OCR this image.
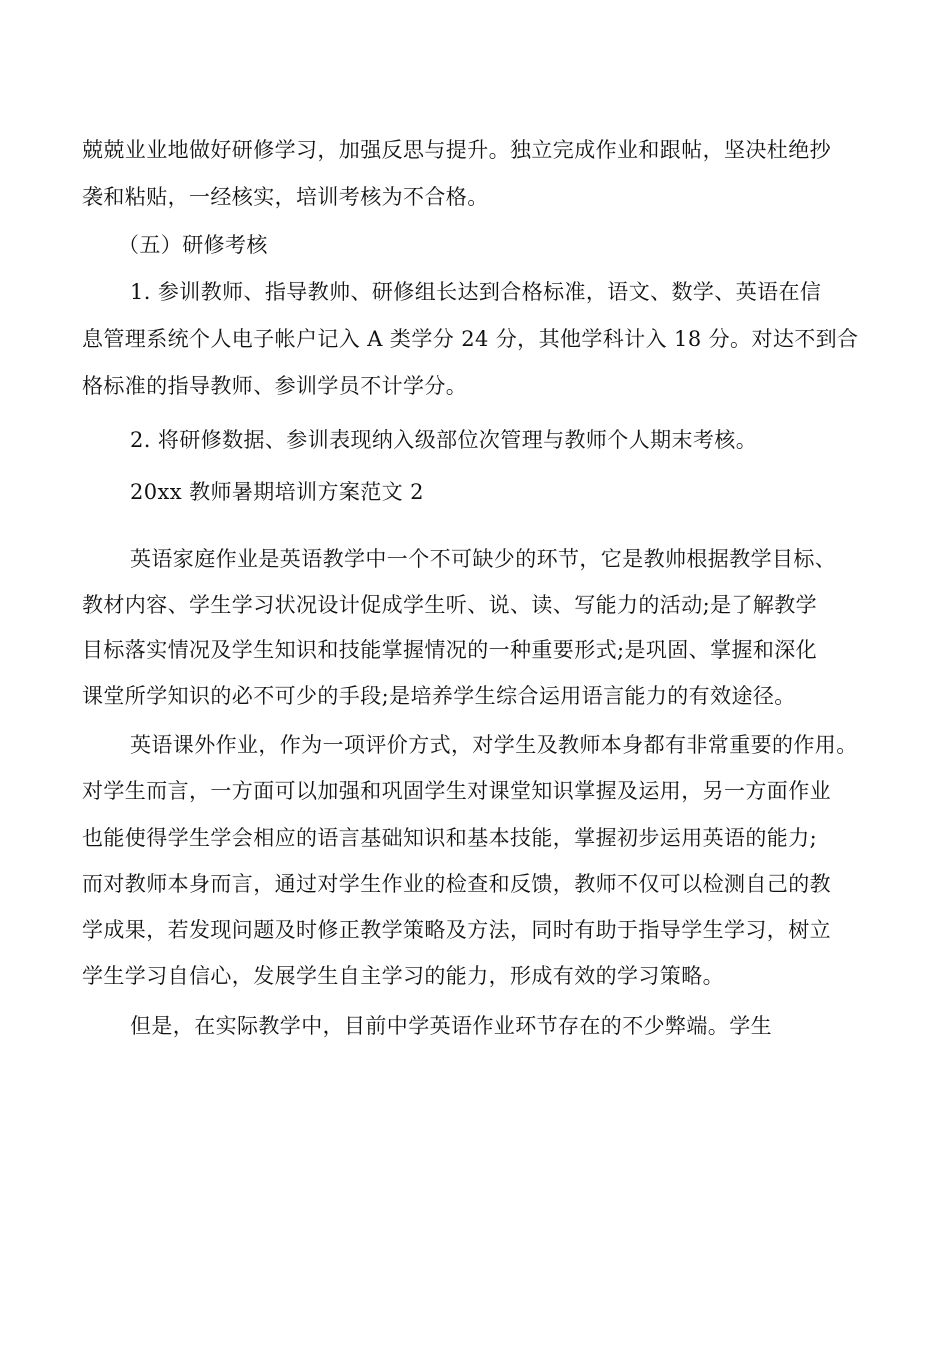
兢兢业业地做好研修学习，加强反思与提升。独立完成作业和跟帖，坚决杜绝抄
袭和粘贴，一经核实，培训考核为不合格。
（五）研修考核
1. 参训教师、指导教帅、研修组长达到合格标准，语文、数学、英语在信
息管理系统个人电子帐户记入 A 类学分 24 分，其他学科计入 18 分。对达不到合
格标准的指导教师、参训学员不计学分。
2. 将研修数据、参训表现纳入级部位次管理与教师个人期末考核。
20xx 教师暑期培训方案范文 2
英语家庭作业是英语教学中一个不可缺少的环节，它是教帅根据教学目标、
教材内容、学生学习状况设计促成学生听、说、读、写能力的活动;是了解教学
目标落实情况及学生知识和技能掌握情况的一种重要形式;是巩固、掌握和深化
课堂所学知识的必不可少的手段;是培养学生综合运用语言能力的有效途径。
英语课外作业，作为一项评价方式，对学生及教师本身都有非常重要的作用。
对学生而言，一方面可以加强和巩固学生对课堂知识掌握及运用，另一方面作业
也能使得学生学会相应的语言基础知识和基本技能，掌握初步运用英语的能力;
而对教师本身而言，通过对学生作业的检查和反馈，教师不仅可以检测自己的教
学成果，若发现问题及时修正教学策略及方法，同时有助于指导学生学习，树立
学生学习自信心，发展学生自主学习的能力，形成有效的学习策略。
但是，在实际教学中，目前中学英语作业环节存在的不少弊端。学生
